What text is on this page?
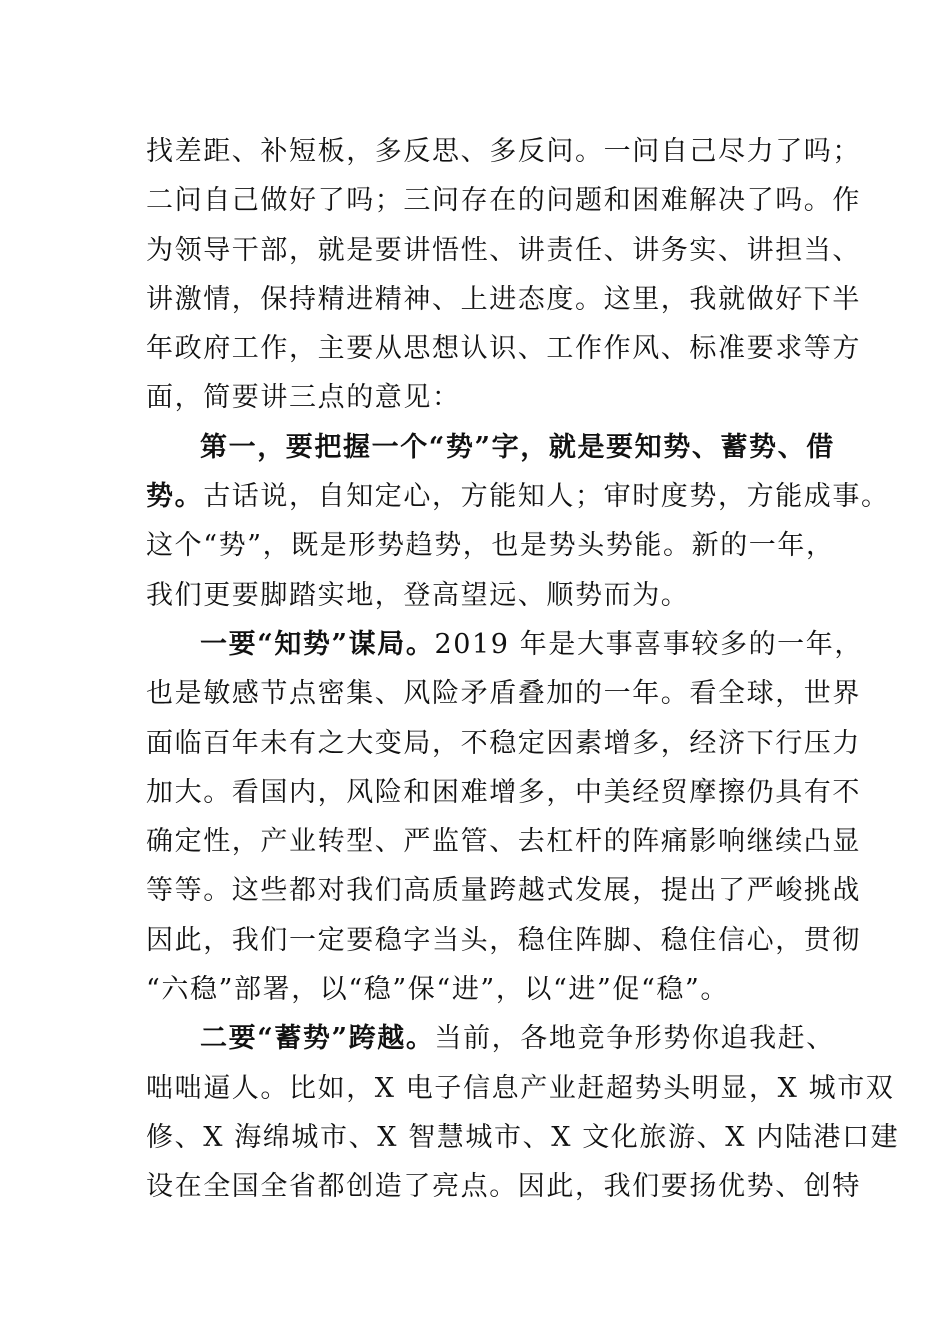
找差距、补短板，多反思、多反问。一问自己尽力了吗；
二问自己做好了吗；三问存在的问题和困难解决了吗。作
为领导干部，就是要讲悟性、讲责任、讲务实、讲担当、
讲激情，保持精进精神、上进态度。这里，我就做好下半
年政府工作，主要从思想认识、工作作风、标准要求等方
面，简要讲三点的意见：
第一，要把握一个“势”字，就是要知势、蓄势、借
势。古话说，自知定心，方能知人；审时度势，方能成事。
这个“势”，既是形势趋势，也是势头势能。新的一年，
我们更要脚踏实地，登高望远、顺势而为。
一要“知势”谋局。2019 年是大事喜事较多的一年，
也是敏感节点密集、风险矛盾叠加的一年。看全球，世界
面临百年未有之大变局，不稳定因素增多，经济下行压力
加大。看国内，风险和困难增多，中美经贸摩擦仍具有不
确定性，产业转型、严监管、去杠杆的阵痛影响继续凸显
等等。这些都对我们高质量跨越式发展，提出了严峻挑战
因此，我们一定要稳字当头，稳住阵脚、稳住信心，贯彻
“六稳”部署，以“稳”保“进”，以“进”促“稳”。
二要“蓄势”跨越。当前，各地竞争形势你追我赶、
咄咄逼人。比如，X 电子信息产业赶超势头明显，X 城市双
修、X 海绵城市、X 智慧城市、X 文化旅游、X 内陆港口建
设在全国全省都创造了亮点。因此，我们要扬优势、创特
